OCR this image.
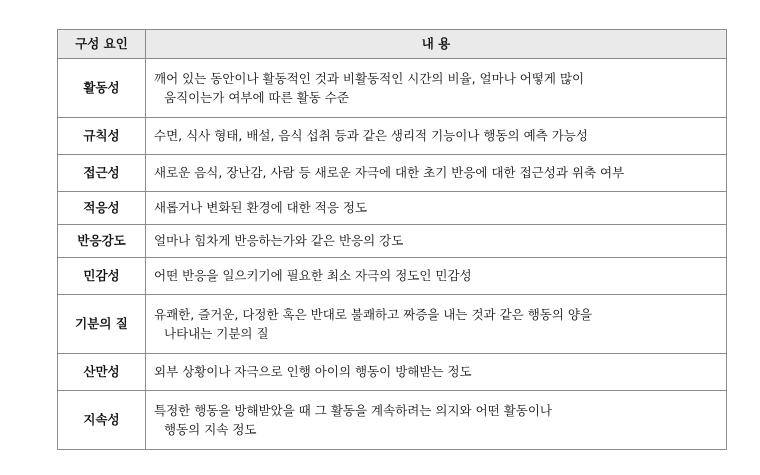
구성 요인	내 용
활동성	깨어 있는 동안이나 활동적인 것과 비활동적인 시간의 비율, 얼마나 어떻게 많이
움직이는가 여부에 따른 활동 수준

규칙성	수면, 식사 형태, 배설, 음식 섭취 등과 같은 생리적 기능이나 행동의 예측 가능성

접근성	새로운 음식, 장난감, 사람 등 새로운 자극에 대한 초기 반응에 대한 접근성과 위축 여부

적응성	새롭거나 변화된 환경에 대한 적응 정도

반응강도	얼마나 힘차게 반응하는가와 같은 반응의 강도

민감성	어떤 반응을 일으키기에 필요한 최소 자극의 정도인 민감성

기분의 질	유쾌한, 즐거운, 다정한 혹은 반대로 불쾌하고 짜증을 내는 것과 같은 행동의 양을
나타내는 기분의 질

산만성	외부 상황이나 자극으로 인행 아이의 행동이 방해받는 정도

지속성	특정한 행동을 방해받았을 때 그 활동을 계속하려는 의지와 어떤 활동이나
행동의 지속 정도
